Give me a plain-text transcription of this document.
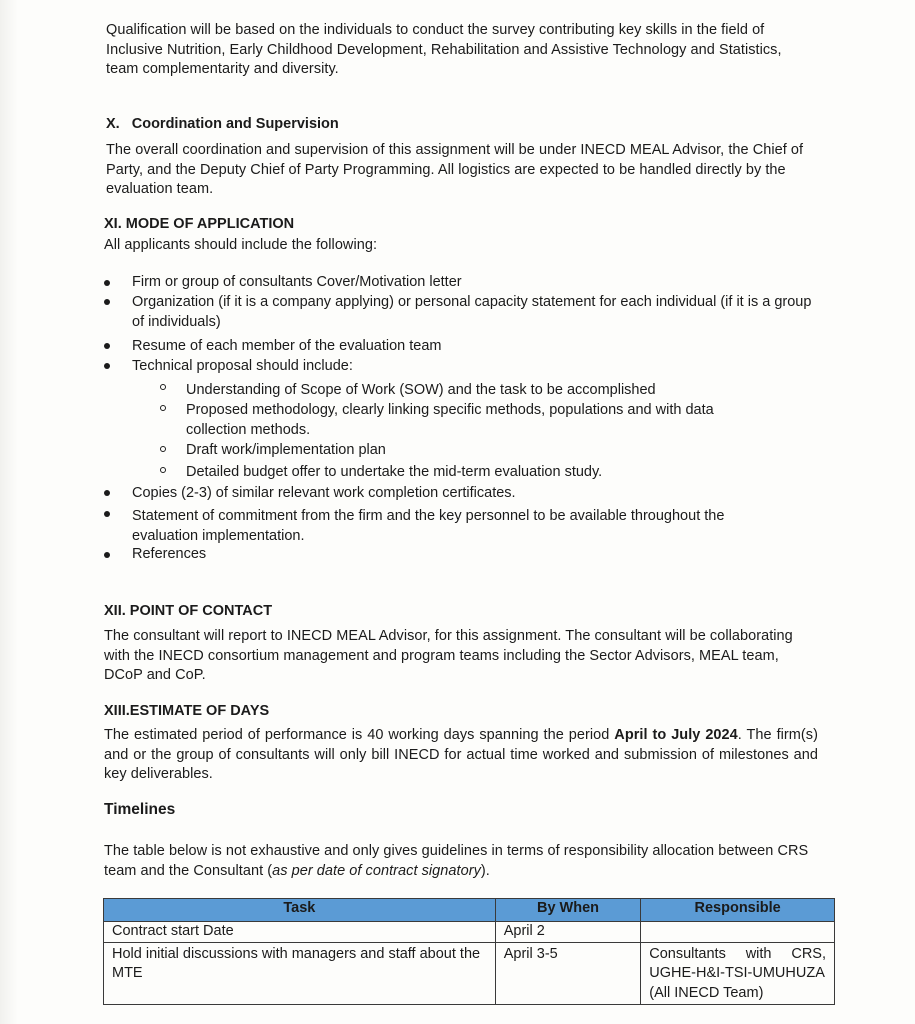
Qualification will be based on the individuals to conduct the survey contributing key skills in the field of Inclusive Nutrition, Early Childhood Development, Rehabilitation and Assistive Technology and Statistics, team complementarity and diversity.
X. Coordination and Supervision
The overall coordination and supervision of this assignment will be under INECD MEAL Advisor, the Chief of Party, and the Deputy Chief of Party Programming. All logistics are expected to be handled directly by the evaluation team.
XI. MODE OF APPLICATION
All applicants should include the following:
Firm or group of consultants Cover/Motivation letter
Organization (if it is a company applying) or personal capacity statement for each individual (if it is a group of individuals)
Resume of each member of the evaluation team
Technical proposal should include:
Understanding of Scope of Work (SOW) and the task to be accomplished
Proposed methodology, clearly linking specific methods, populations and with data collection methods.
Draft work/implementation plan
Detailed budget offer to undertake the mid-term evaluation study.
Copies (2-3) of similar relevant work completion certificates.
Statement of commitment from the firm and the key personnel to be available throughout the evaluation implementation.
References
XII. POINT OF CONTACT
The consultant will report to INECD MEAL Advisor, for this assignment. The consultant will be collaborating with the INECD consortium management and program teams including the Sector Advisors, MEAL team, DCoP and CoP.
XIII.ESTIMATE OF DAYS
The estimated period of performance is 40 working days spanning the period April to July 2024. The firm(s) and or the group of consultants will only bill INECD for actual time worked and submission of milestones and key deliverables.
Timelines
The table below is not exhaustive and only gives guidelines in terms of responsibility allocation between CRS team and the Consultant (as per date of contract signatory).
Task	By When	Responsible
Contract start Date	April 2	
Hold initial discussions with managers and staff about the MTE	April 3-5	Consultants with CRS, UGHE-H&I-TSI-UMUHUZA (All INECD Team)
